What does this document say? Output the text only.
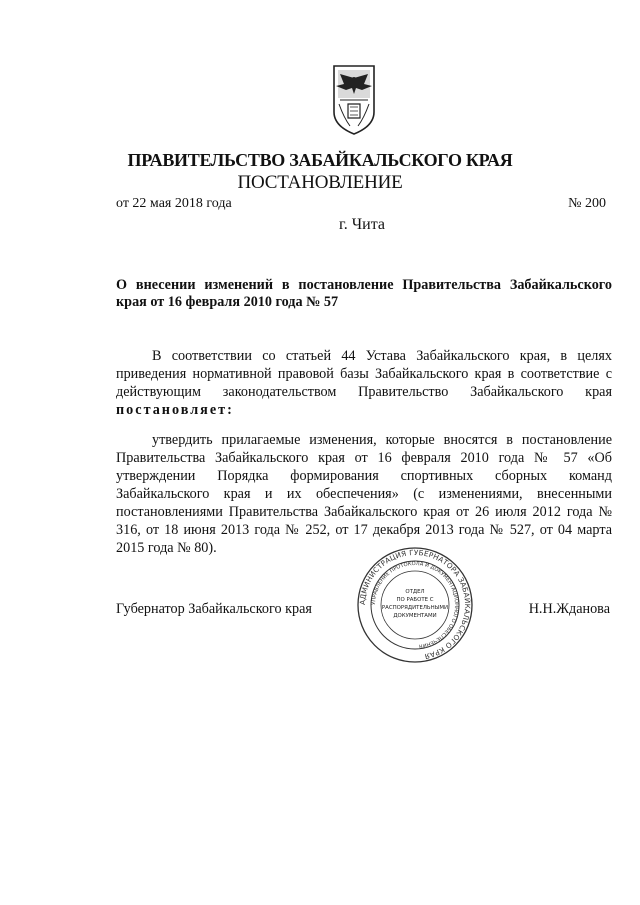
ПРАВИТЕЛЬСТВО ЗАБАЙКАЛЬСКОГО КРАЯ
ПОСТАНОВЛЕНИЕ
от 22 мая 2018 года	№ 200
г. Чита
О внесении изменений в постановление Правительства Забайкальского края от 16 февраля 2010 года № 57
В соответствии со статьей 44 Устава Забайкальского края, в целях приведения нормативной правовой базы Забайкальского края в соответствие с действующим законодательством Правительство Забайкальского края постановляет:
утвердить прилагаемые изменения, которые вносятся в постановление Правительства Забайкальского края от 16 февраля 2010 года № 57 «Об утверждении Порядка формирования спортивных сборных команд Забайкальского края и их обеспечения» (с изменениями, внесенными постановлениями Правительства Забайкальского края от 26 июля 2012 года № 316, от 18 июня 2013 года № 252, от 17 декабря 2013 года № 527, от 04 марта 2015 года № 80).
Губернатор Забайкальского края	Н.Н.Жданова
АДМИНИСТРАЦИЯ ГУБЕРНАТОРА ЗАБАЙКАЛЬСКОГО КРАЯ
УПРАВЛЕНИЕ ПРОТОКОЛА И ДОКУМЕНТАЦИОННОГО ОБЕСПЕЧЕНИЯ
ОТДЕЛ
ПО РАБОТЕ С
РАСПОРЯДИТЕЛЬНЫМИ
ДОКУМЕНТАМИ
